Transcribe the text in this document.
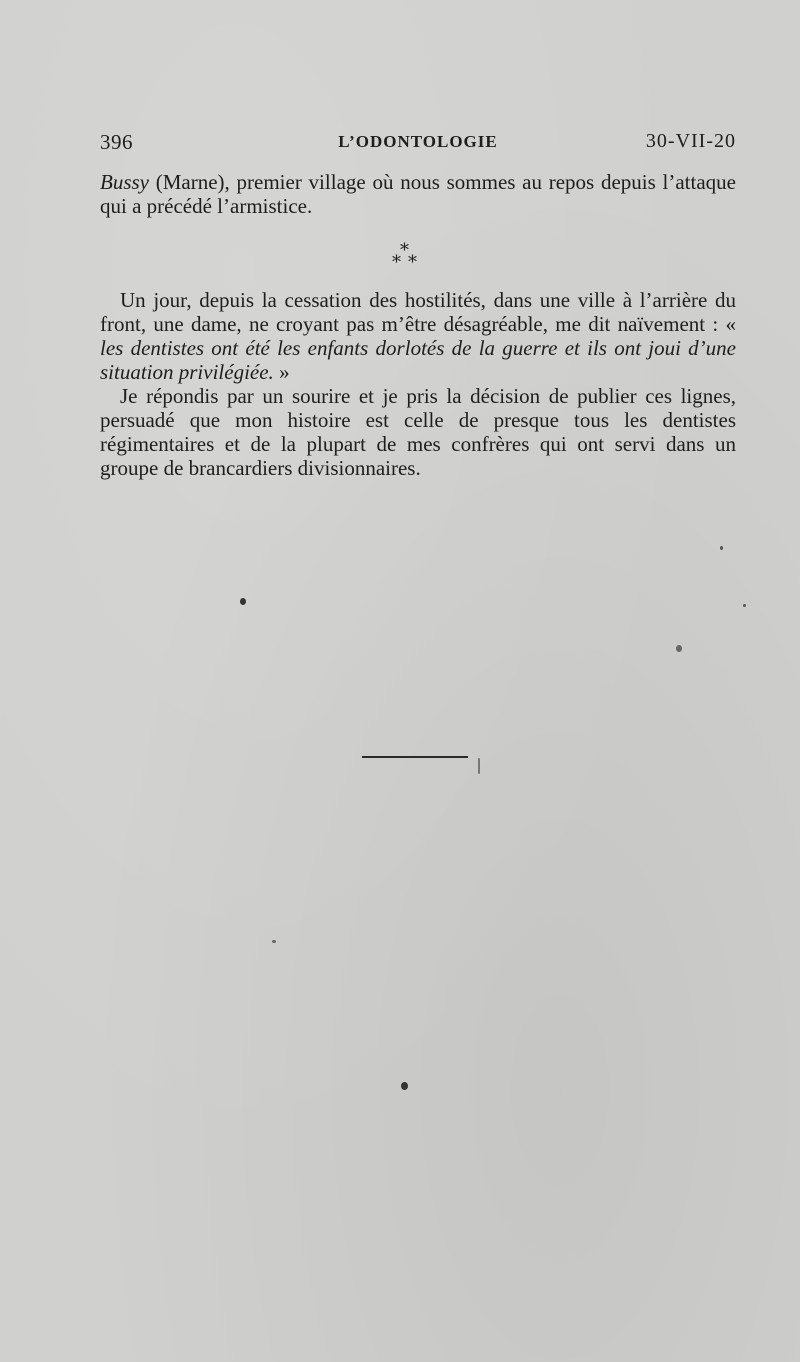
396	L’ODONTOLOGIE	30-VII-20

Bussy (Marne), premier village où nous sommes au repos depuis l’attaque qui a précédé l’armistice.

*
* *

Un jour, depuis la cessation des hostilités, dans une ville à l’arrière du front, une dame, ne croyant pas m’être désagréable, me dit naïvement : « les dentistes ont été les enfants dorlotés de la guerre et ils ont joui d’une situation privilégiée. »

Je répondis par un sourire et je pris la décision de publier ces lignes, persuadé que mon histoire est celle de presque tous les dentistes régimentaires et de la plupart de mes confrères qui ont servi dans un groupe de brancardiers divisionnaires.
